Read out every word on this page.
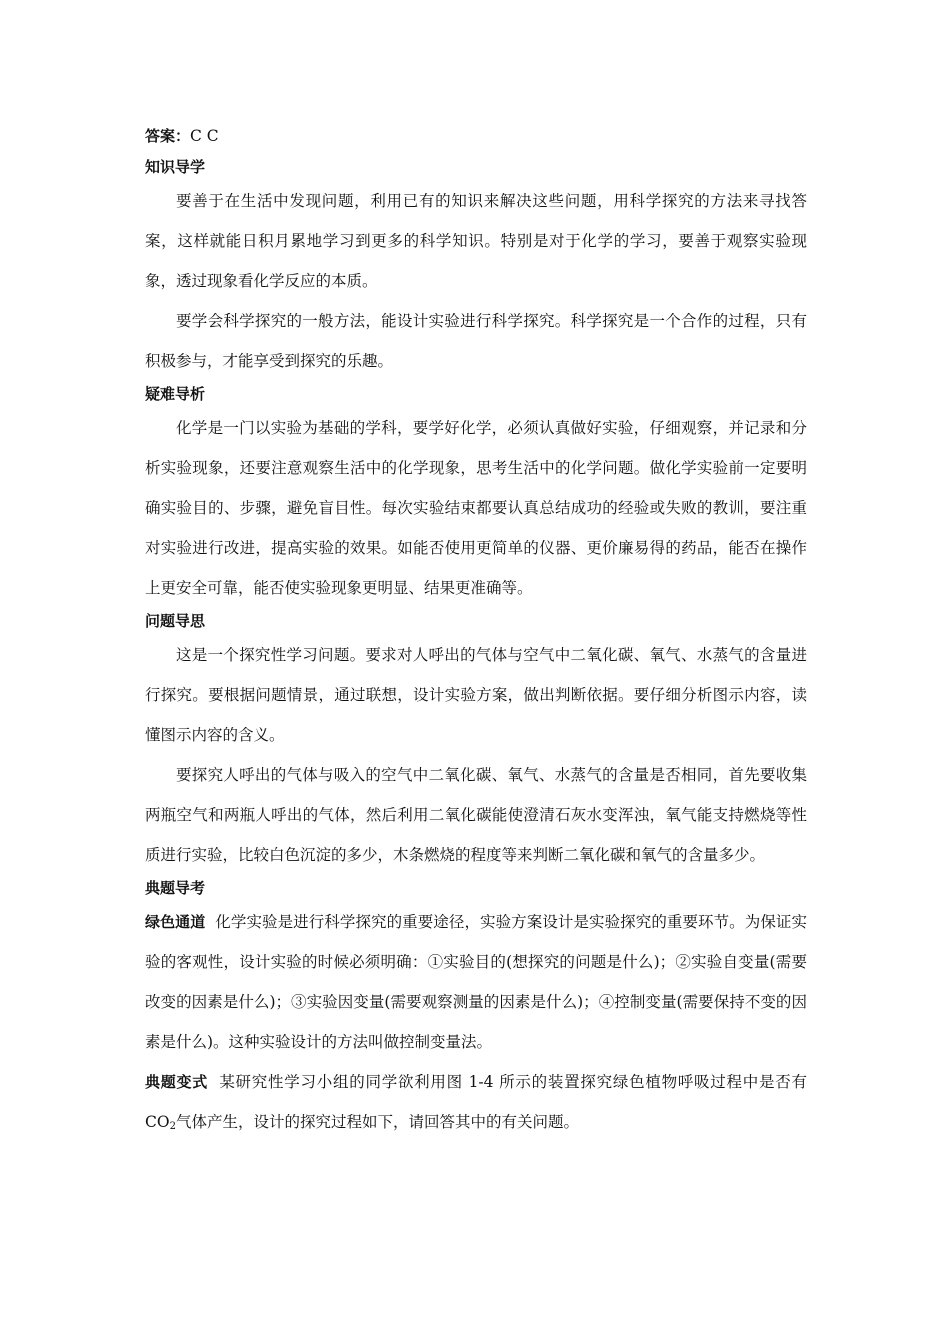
答案：C C
知识导学

要善于在生活中发现问题，利用已有的知识来解决这些问题，用科学探究的方法来寻找答案，这样就能日积月累地学习到更多的科学知识。特别是对于化学的学习，要善于观察实验现象，透过现象看化学反应的本质。

要学会科学探究的一般方法，能设计实验进行科学探究。科学探究是一个合作的过程，只有积极参与，才能享受到探究的乐趣。

疑难导析

化学是一门以实验为基础的学科，要学好化学，必须认真做好实验，仔细观察，并记录和分析实验现象，还要注意观察生活中的化学现象，思考生活中的化学问题。做化学实验前一定要明确实验目的、步骤，避免盲目性。每次实验结束都要认真总结成功的经验或失败的教训，要注重对实验进行改进，提高实验的效果。如能否使用更简单的仪器、更价廉易得的药品，能否在操作上更安全可靠，能否使实验现象更明显、结果更准确等。

问题导思

这是一个探究性学习问题。要求对人呼出的气体与空气中二氧化碳、氧气、水蒸气的含量进行探究。要根据问题情景，通过联想，设计实验方案，做出判断依据。要仔细分析图示内容，读懂图示内容的含义。

要探究人呼出的气体与吸入的空气中二氧化碳、氧气、水蒸气的含量是否相同，首先要收集两瓶空气和两瓶人呼出的气体，然后利用二氧化碳能使澄清石灰水变浑浊，氧气能支持燃烧等性质进行实验，比较白色沉淀的多少，木条燃烧的程度等来判断二氧化碳和氧气的含量多少。

典题导考

绿色通道 化学实验是进行科学探究的重要途径，实验方案设计是实验探究的重要环节。为保证实验的客观性，设计实验的时候必须明确：①实验目的(想探究的问题是什么)；②实验自变量(需要改变的因素是什么)；③实验因变量(需要观察测量的因素是什么)；④控制变量(需要保持不变的因素是什么)。这种实验设计的方法叫做控制变量法。

典题变式 某研究性学习小组的同学欲利用图 1-4 所示的装置探究绿色植物呼吸过程中是否有 $CO_2$气体产生，设计的探究过程如下，请回答其中的有关问题。
